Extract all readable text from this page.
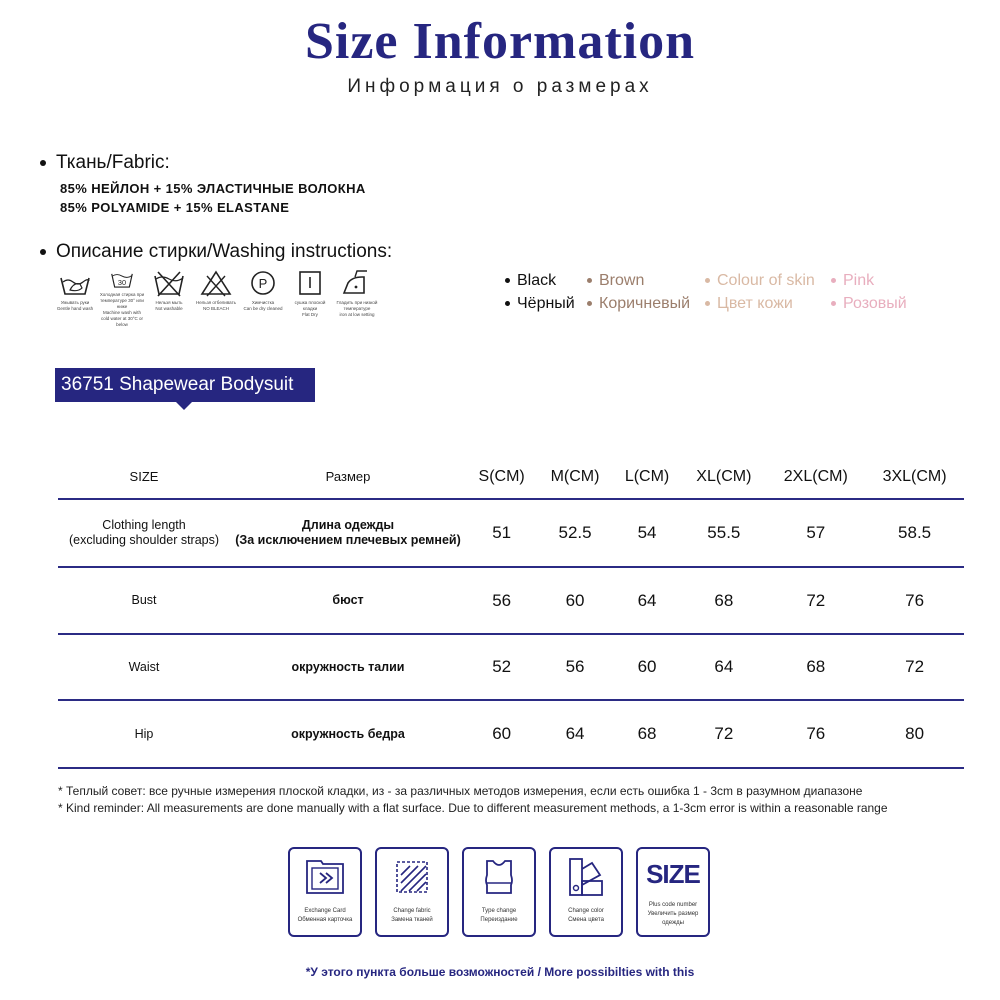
Size Information
Информация о размерах
Ткань/Fabric:
85% НЕЙЛОН + 15% ЭЛАСТИЧНЫЕ ВОЛОКНА
85% POLYAMIDE + 15% ELASTANE
Описание стирки/Washing instructions:
Умывать руки
Gentle hand wash
30
Холодная стирка при температуре 30° или ниже
Machine wash with cold water at 30°C or below
Нельзя мыть
Not washable
Нельзя отбеливать
NO BLEACH
P
Химчистка
Can be dry cleaned
сушка плоской кладки
Flat Dry
Гладить при низкой температуре
iron at low setting
Black	Brown	Colour of skin	Pink
Чёрный	Коричневый	Цвет кожи	Розовый
36751 Shapewear Bodysuit
SIZE	Размер	S(CM)	M(CM)	L(CM)	XL(CM)	2XL(CM)	3XL(CM)
Clothing length
(excluding shoulder straps)	Длина одежды
(За исключением плечевых ремней)	51	52.5	54	55.5	57	58.5
Bust	бюст	56	60	64	68	72	76
Waist	окружность талии	52	56	60	64	68	72
Hip	окружность бедра	60	64	68	72	76	80
* Теплый совет: все ручные измерения плоской кладки, из - за различных методов измерения, если есть ошибка 1 - 3cm в разумном диапазоне
* Kind reminder: All measurements are done manually with a flat surface. Due to different measurement methods, a 1-3cm error is within a reasonable range
Exchange Card
Обменная карточка
Change fabric
Замена тканей
Type change
Переиздание
Change color
Смена цвета
SIZE
Plus code number
Увеличить размер одежды
*У этого пункта больше возможностей / More possibilties with this
